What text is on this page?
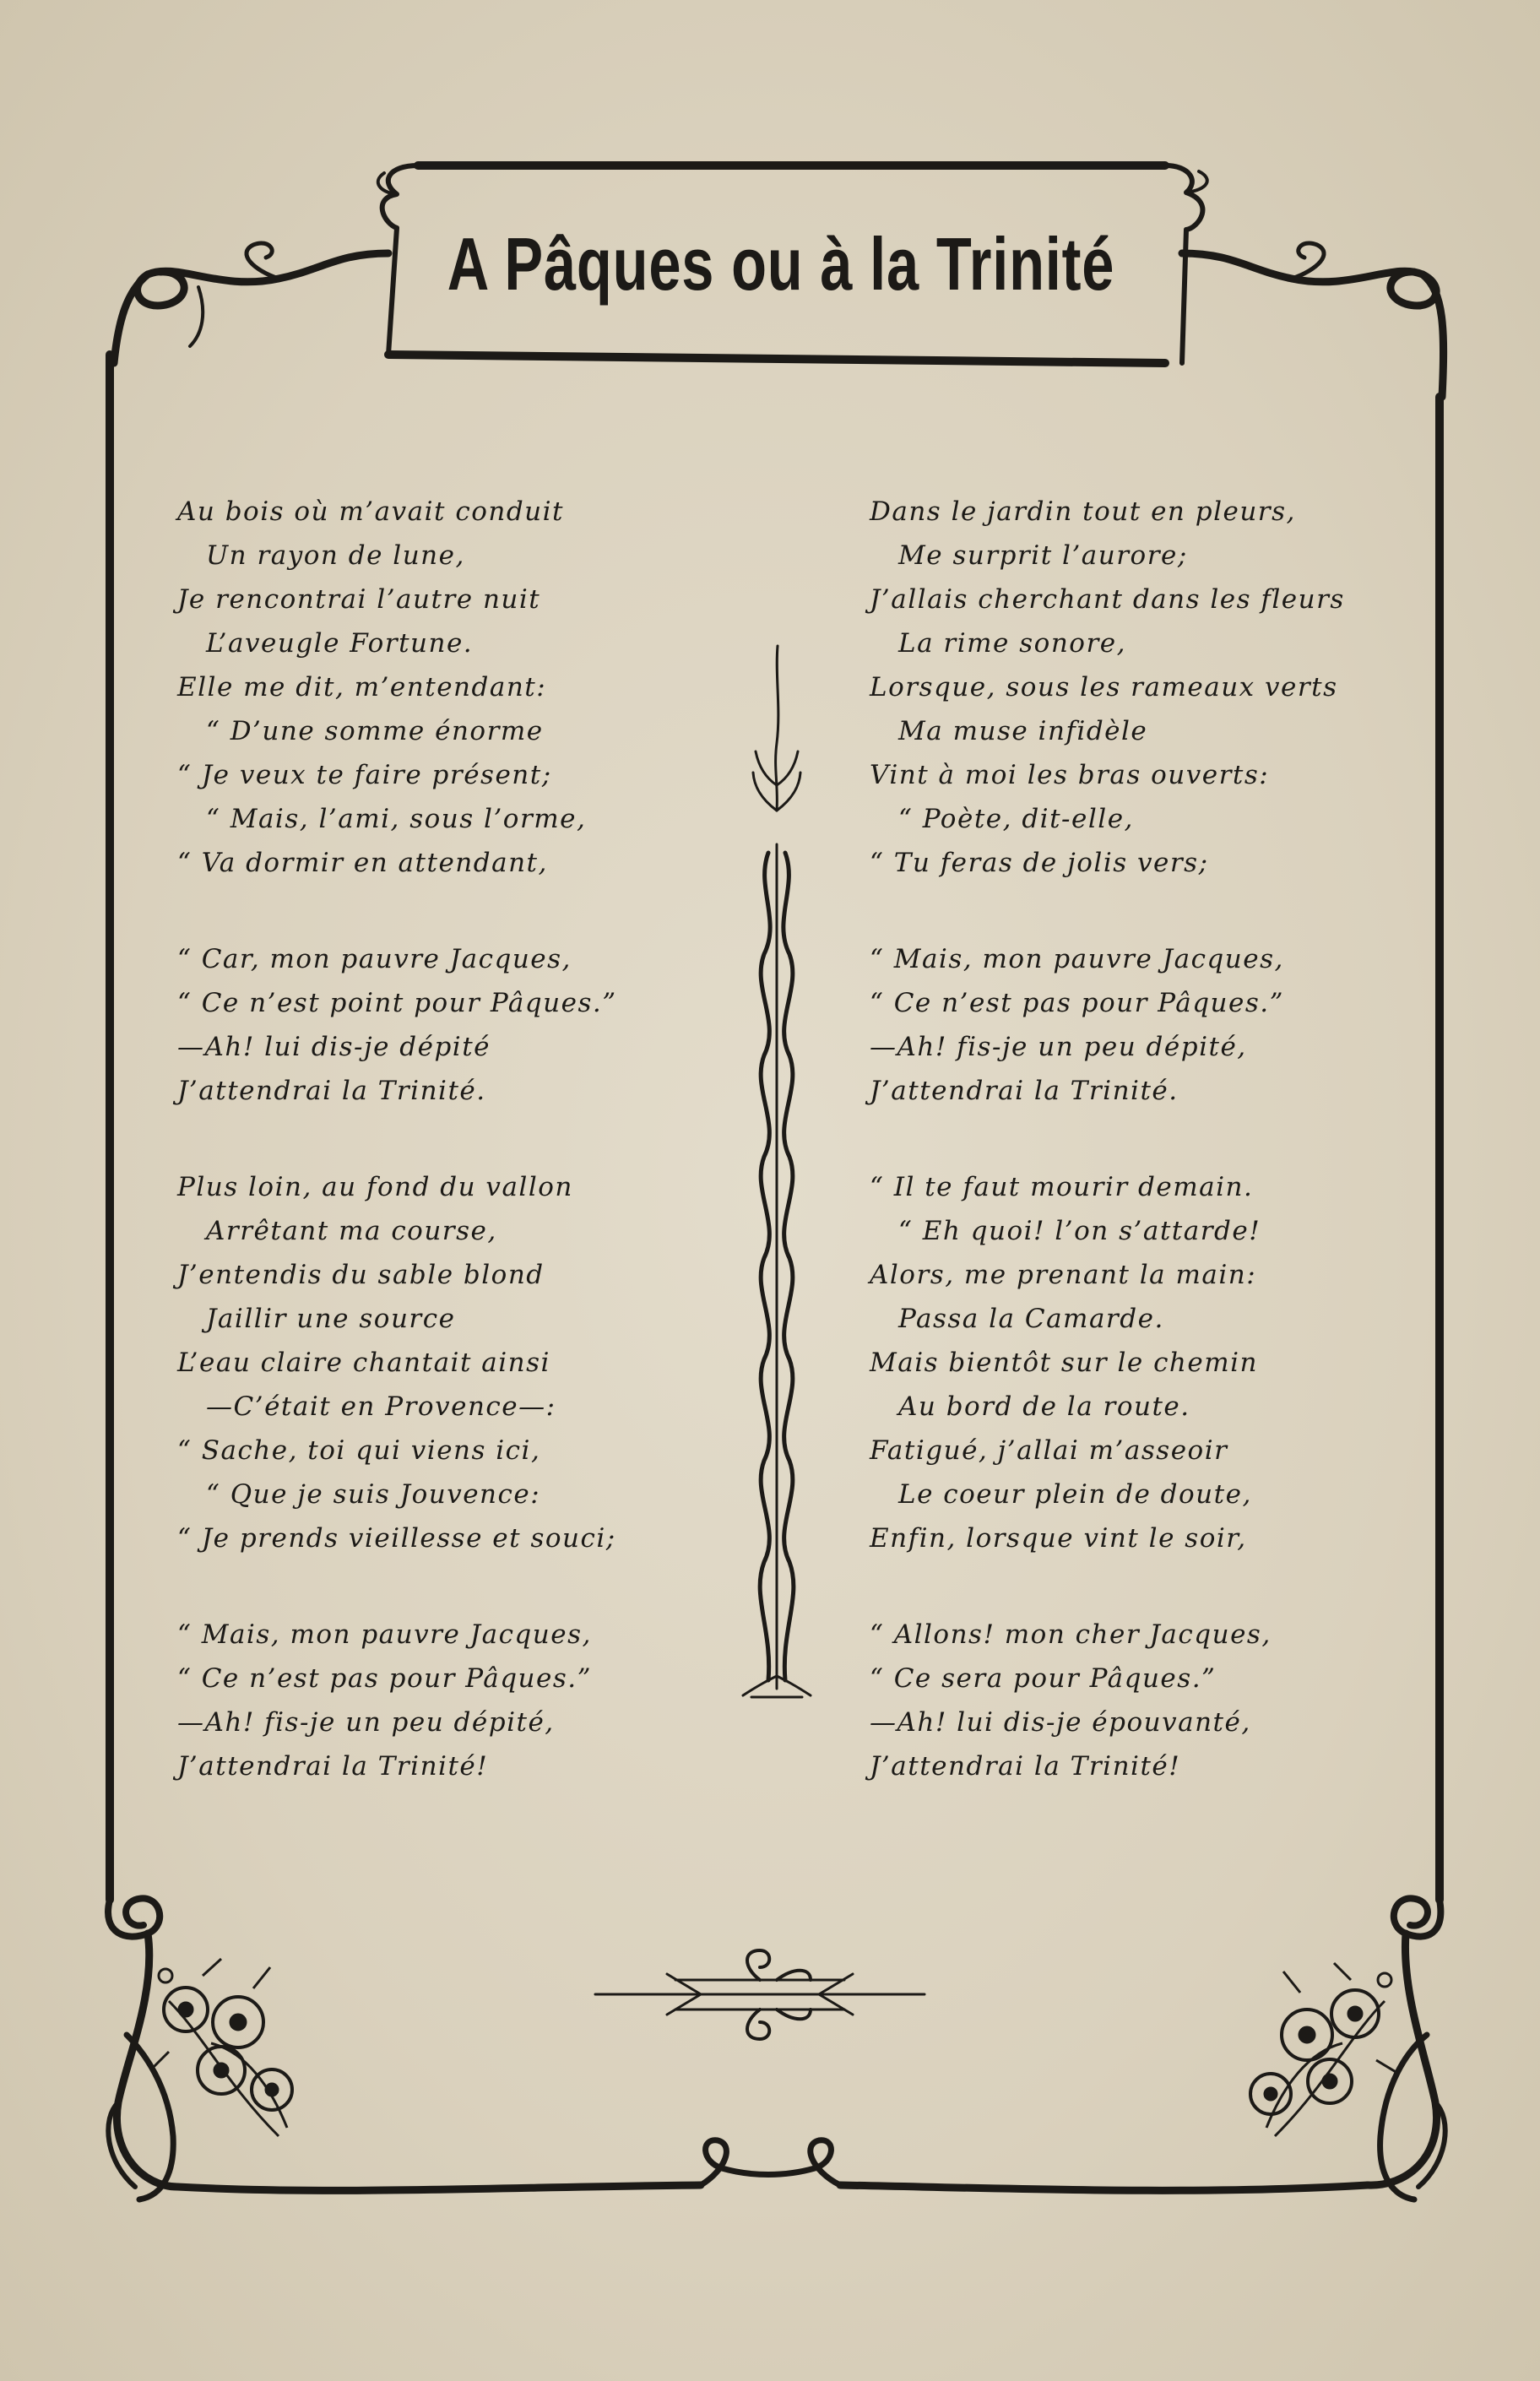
A Pâques ou à la Trinité
Au bois où m’avait conduit
Un rayon de lune,
Je rencontrai l’autre nuit
L’aveugle Fortune.
Elle me dit, m’entendant:
“ D’une somme énorme
“ Je veux te faire présent;
“ Mais, l’ami, sous l’orme,
“ Va dormir en attendant,
“ Car, mon pauvre Jacques,
“ Ce n’est point pour Pâques.”
—Ah! lui dis-je dépité
J’attendrai la Trinité.
Plus loin, au fond du vallon
Arrêtant ma course,
J’entendis du sable blond
Jaillir une source
L’eau claire chantait ainsi
—C’était en Provence—:
“ Sache, toi qui viens ici,
“ Que je suis Jouvence:
“ Je prends vieillesse et souci;
“ Mais, mon pauvre Jacques,
“ Ce n’est pas pour Pâques.”
—Ah! fis-je un peu dépité,
J’attendrai la Trinité!
Dans le jardin tout en pleurs,
Me surprit l’aurore;
J’allais cherchant dans les fleurs
La rime sonore,
Lorsque, sous les rameaux verts
Ma muse infidèle
Vint à moi les bras ouverts:
“ Poète, dit-elle,
“ Tu feras de jolis vers;
“ Mais, mon pauvre Jacques,
“ Ce n’est pas pour Pâques.”
—Ah! fis-je un peu dépité,
J’attendrai la Trinité.
“ Il te faut mourir demain.
“ Eh quoi! l’on s’attarde!
Alors, me prenant la main:
Passa la Camarde.
Mais bientôt sur le chemin
Au bord de la route.
Fatigué, j’allai m’asseoir
Le coeur plein de doute,
Enfin, lorsque vint le soir,
“ Allons! mon cher Jacques,
“ Ce sera pour Pâques.”
—Ah! lui dis-je épouvanté,
J’attendrai la Trinité!
